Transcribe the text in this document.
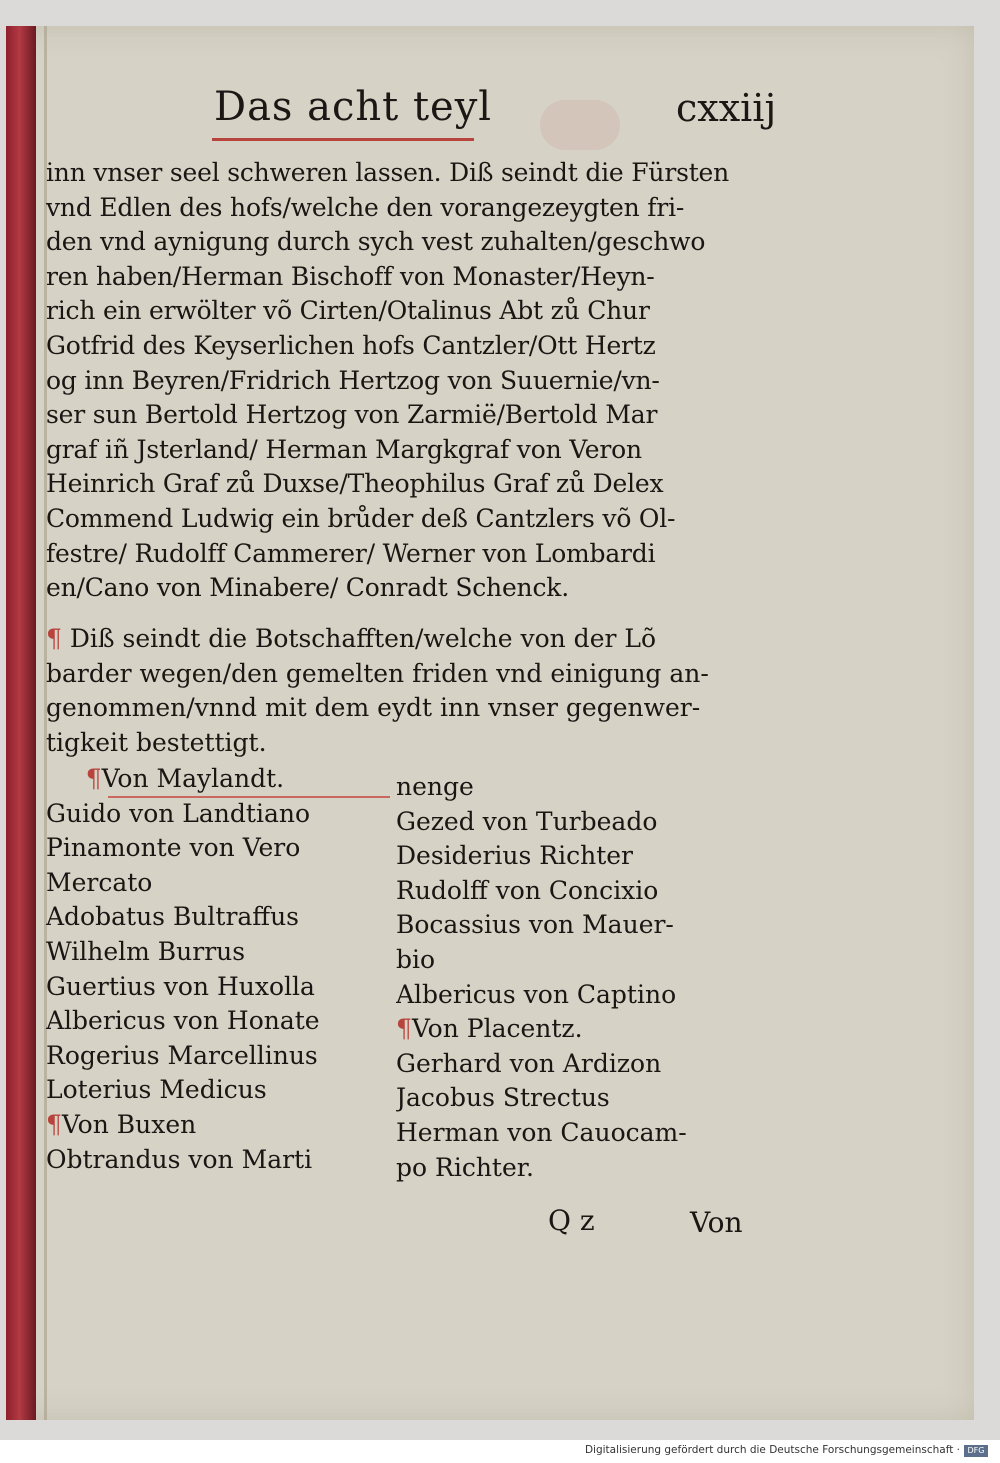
Das acht teyl	cxxiij
inn vnser seel schweren lassen. Diß seindt die Fürsten
vnd Edlen des hofs/welche den vorangezeygten fri-
den vnd aynigung durch sych vest zuhalten/geschwo
ren haben/Herman Bischoff von Monaster/Heyn-
rich ein erwölter võ Cirten/Otalinus Abt zů Chur
Gotfrid des Keyserlichen hofs Cantzler/Ott Hertz
og inn Beyren/Fridrich Hertzog von Suuernie/vn-
ser sun Bertold Hertzog von Zarmië/Bertold Mar
graf iñ Jsterland/ Herman Margkgraf von Veron
Heinrich Graf zů Duxse/Theophilus Graf zů Delex
Commend Ludwig ein brůder deß Cantzlers võ Ol-
festre/ Rudolff Cammerer/ Werner von Lombardi
en/Cano von Minabere/ Conradt Schenck.
¶ Diß seindt die Botschafften/welche von der Lõ
barder wegen/den gemelten friden vnd einigung an-
genommen/vnnd mit dem eydt inn vnser gegenwer-
tigkeit bestettigt.
¶Von Maylandt.
Guido von Landtiano
Pinamonte von Vero
Mercato
Adobatus Bultraffus
Wilhelm Burrus
Guertius von Huxolla
Albericus von Honate
Rogerius Marcellinus
Loterius Medicus
¶Von Buxen
Obtrandus von Marti
nenge
Gezed von Turbeado
Desiderius Richter
Rudolff von Concixio
Bocassius von Mauer-
bio
Albericus von Captino
¶Von Placentz.
Gerhard von Ardizon
Jacobus Strectus
Herman von Cauocam-
po Richter.
Q z	Von
Digitalisierung gefördert durch die Deutsche Forschungsgemeinschaft · DFG
